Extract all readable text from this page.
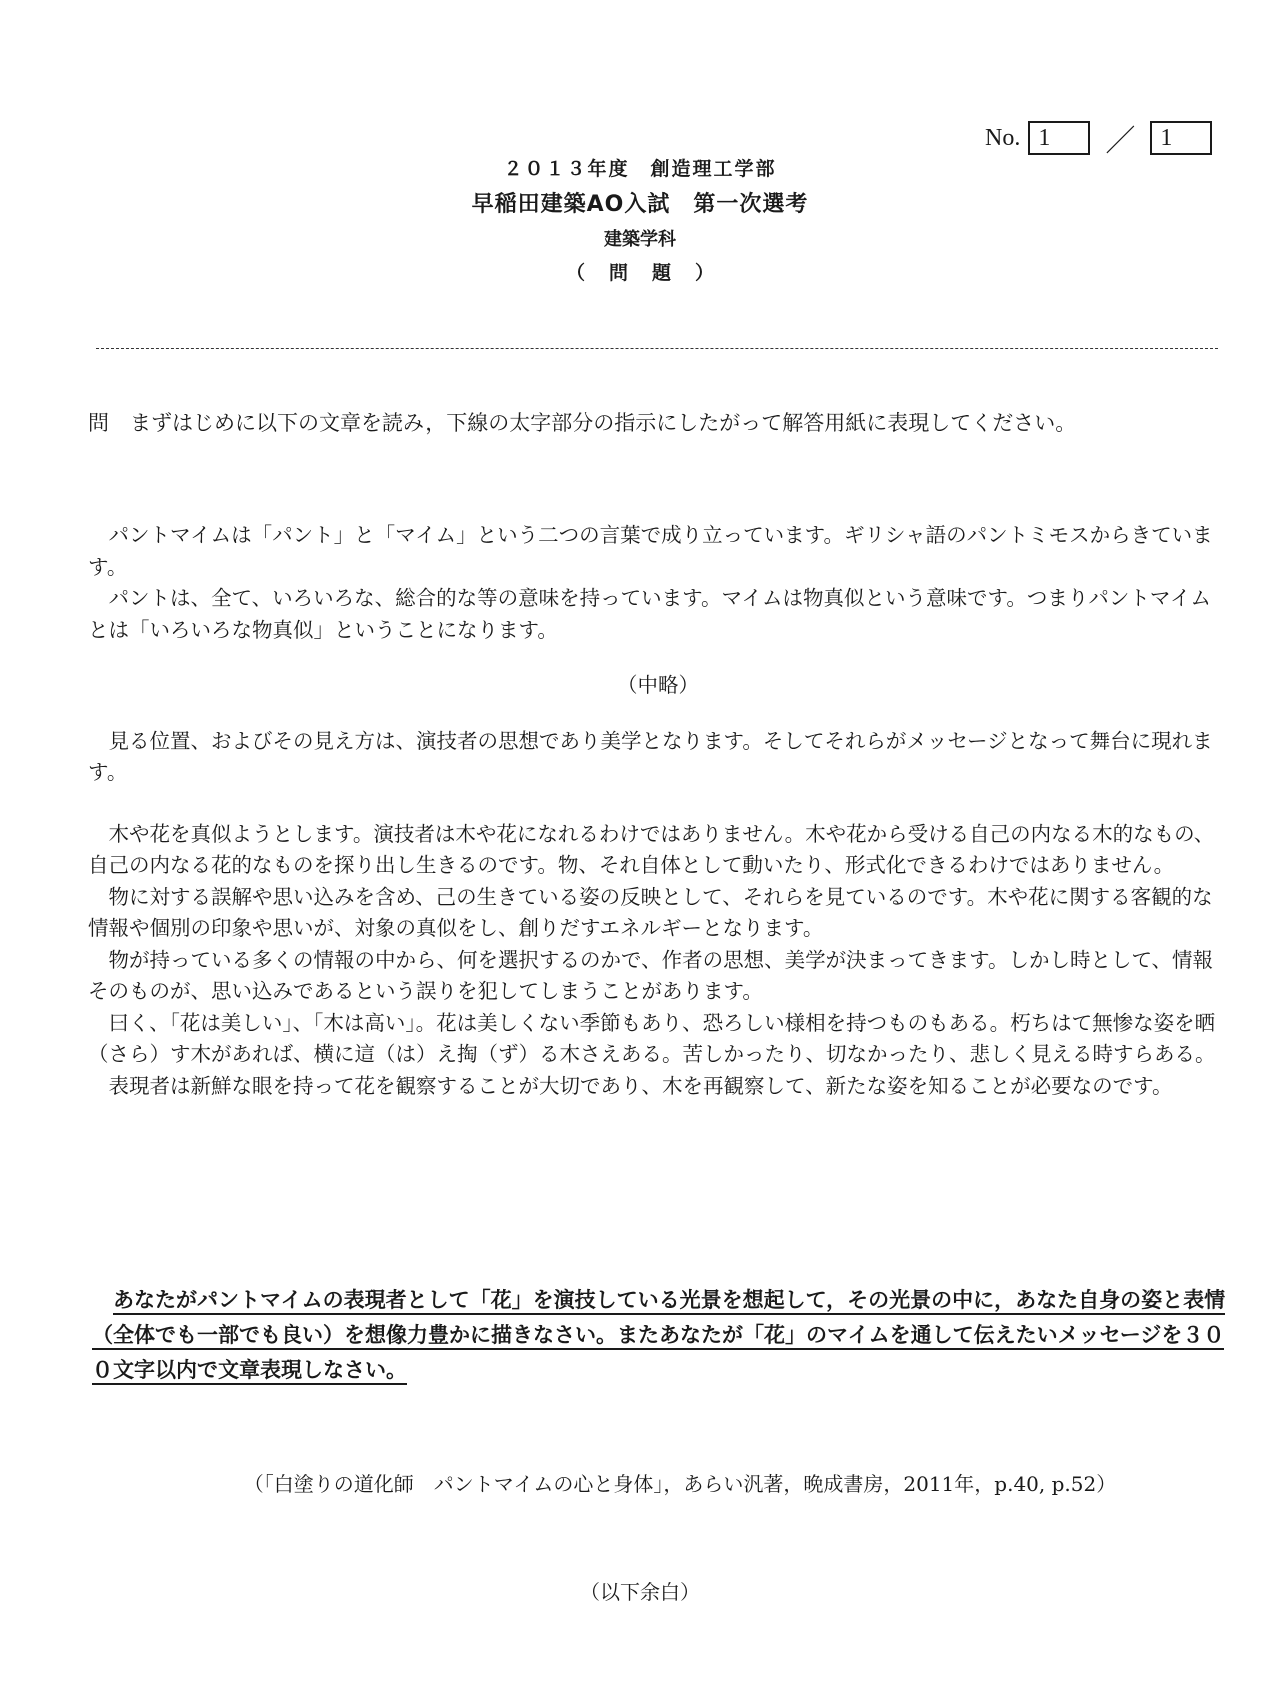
No. 1	／	1
２０１３年度　創造理工学部
早稲田建築AO入試　第一次選考
建築学科
（問題）
問　まずはじめに以下の文章を読み，下線の太字部分の指示にしたがって解答用紙に表現してください。

パントマイムは「パント」と「マイム」という二つの言葉で成り立っています。ギリシャ語のパントミモスからきています。

パントは、全て、いろいろな、総合的な等の意味を持っています。マイムは物真似という意味です。つまりパントマイムとは「いろいろな物真似」ということになります。

（中略）

見る位置、およびその見え方は、演技者の思想であり美学となります。そしてそれらがメッセージとなって舞台に現れます。

木や花を真似ようとします。演技者は木や花になれるわけではありません。木や花から受ける自己の内なる木的なもの、自己の内なる花的なものを探り出し生きるのです。物、それ自体として動いたり、形式化できるわけではありません。

物に対する誤解や思い込みを含め、己の生きている姿の反映として、それらを見ているのです。木や花に関する客観的な情報や個別の印象や思いが、対象の真似をし、創りだすエネルギーとなります。

物が持っている多くの情報の中から、何を選択するのかで、作者の思想、美学が決まってきます。しかし時として、情報そのものが、思い込みであるという誤りを犯してしまうことがあります。

曰く、「花は美しい」、「木は高い」。花は美しくない季節もあり、恐ろしい様相を持つものもある。朽ちはて無惨な姿を晒（さら）す木があれば、横に這（は）え掏（ず）る木さえある。苦しかったり、切なかったり、悲しく見える時すらある。

表現者は新鮮な眼を持って花を観察することが大切であり、木を再観察して、新たな姿を知ることが必要なのです。

あなたがパントマイムの表現者として「花」を演技している光景を想起して，その光景の中に，あなた自身の姿と表情（全体でも一部でも良い）を想像力豊かに描きなさい。またあなたが「花」のマイムを通して伝えたいメッセージを３００文字以内で文章表現しなさい。
（「白塗りの道化師　パントマイムの心と身体」，あらい汎著，晩成書房，2011年，p.40, p.52）
（以下余白）
